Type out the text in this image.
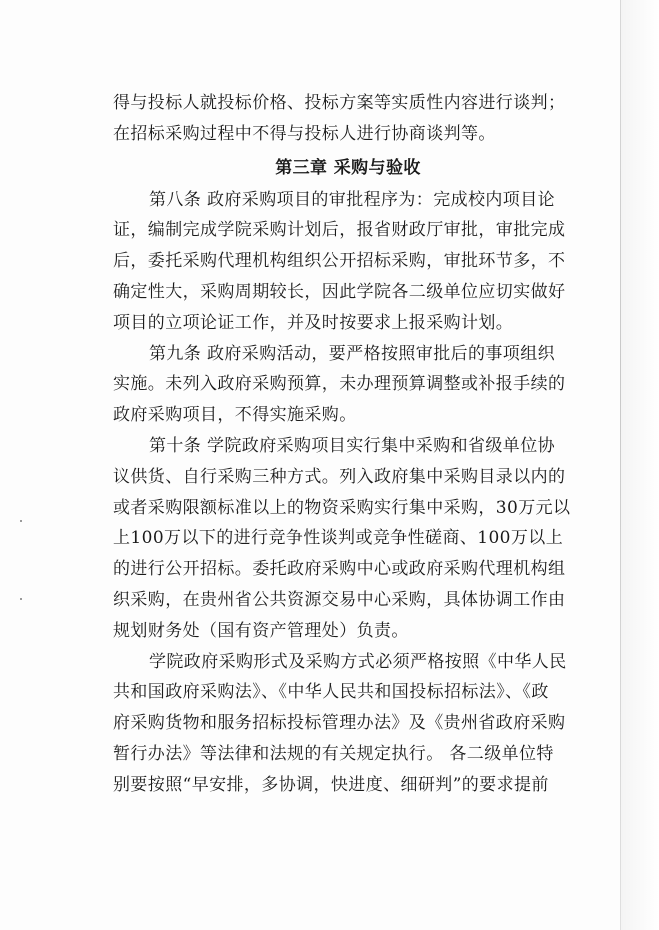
得与投标人就投标价格、投标方案等实质性内容进行谈判；
在招标采购过程中不得与投标人进行协商谈判等。
第三章 采购与验收
第八条 政府采购项目的审批程序为：完成校内项目论
证，编制完成学院采购计划后，报省财政厅审批，审批完成
后，委托采购代理机构组织公开招标采购，审批环节多，不
确定性大，采购周期较长，因此学院各二级单位应切实做好
项目的立项论证工作，并及时按要求上报采购计划。
第九条 政府采购活动，要严格按照审批后的事项组织
实施。未列入政府采购预算，未办理预算调整或补报手续的
政府采购项目，不得实施采购。
第十条 学院政府采购项目实行集中采购和省级单位协
议供货、自行采购三种方式。列入政府集中采购目录以内的
或者采购限额标准以上的物资采购实行集中采购，30万元以
上100万以下的进行竞争性谈判或竞争性磋商、100万以上
的进行公开招标。委托政府采购中心或政府采购代理机构组
织采购，在贵州省公共资源交易中心采购，具体协调工作由
规划财务处（国有资产管理处）负责。
学院政府采购形式及采购方式必须严格按照《中华人民
共和国政府采购法》、《中华人民共和国投标招标法》、《政
府采购货物和服务招标投标管理办法》及《贵州省政府采购
暂行办法》等法律和法规的有关规定执行。 各二级单位特
别要按照“早安排，多协调，快进度、细研判”的要求提前
